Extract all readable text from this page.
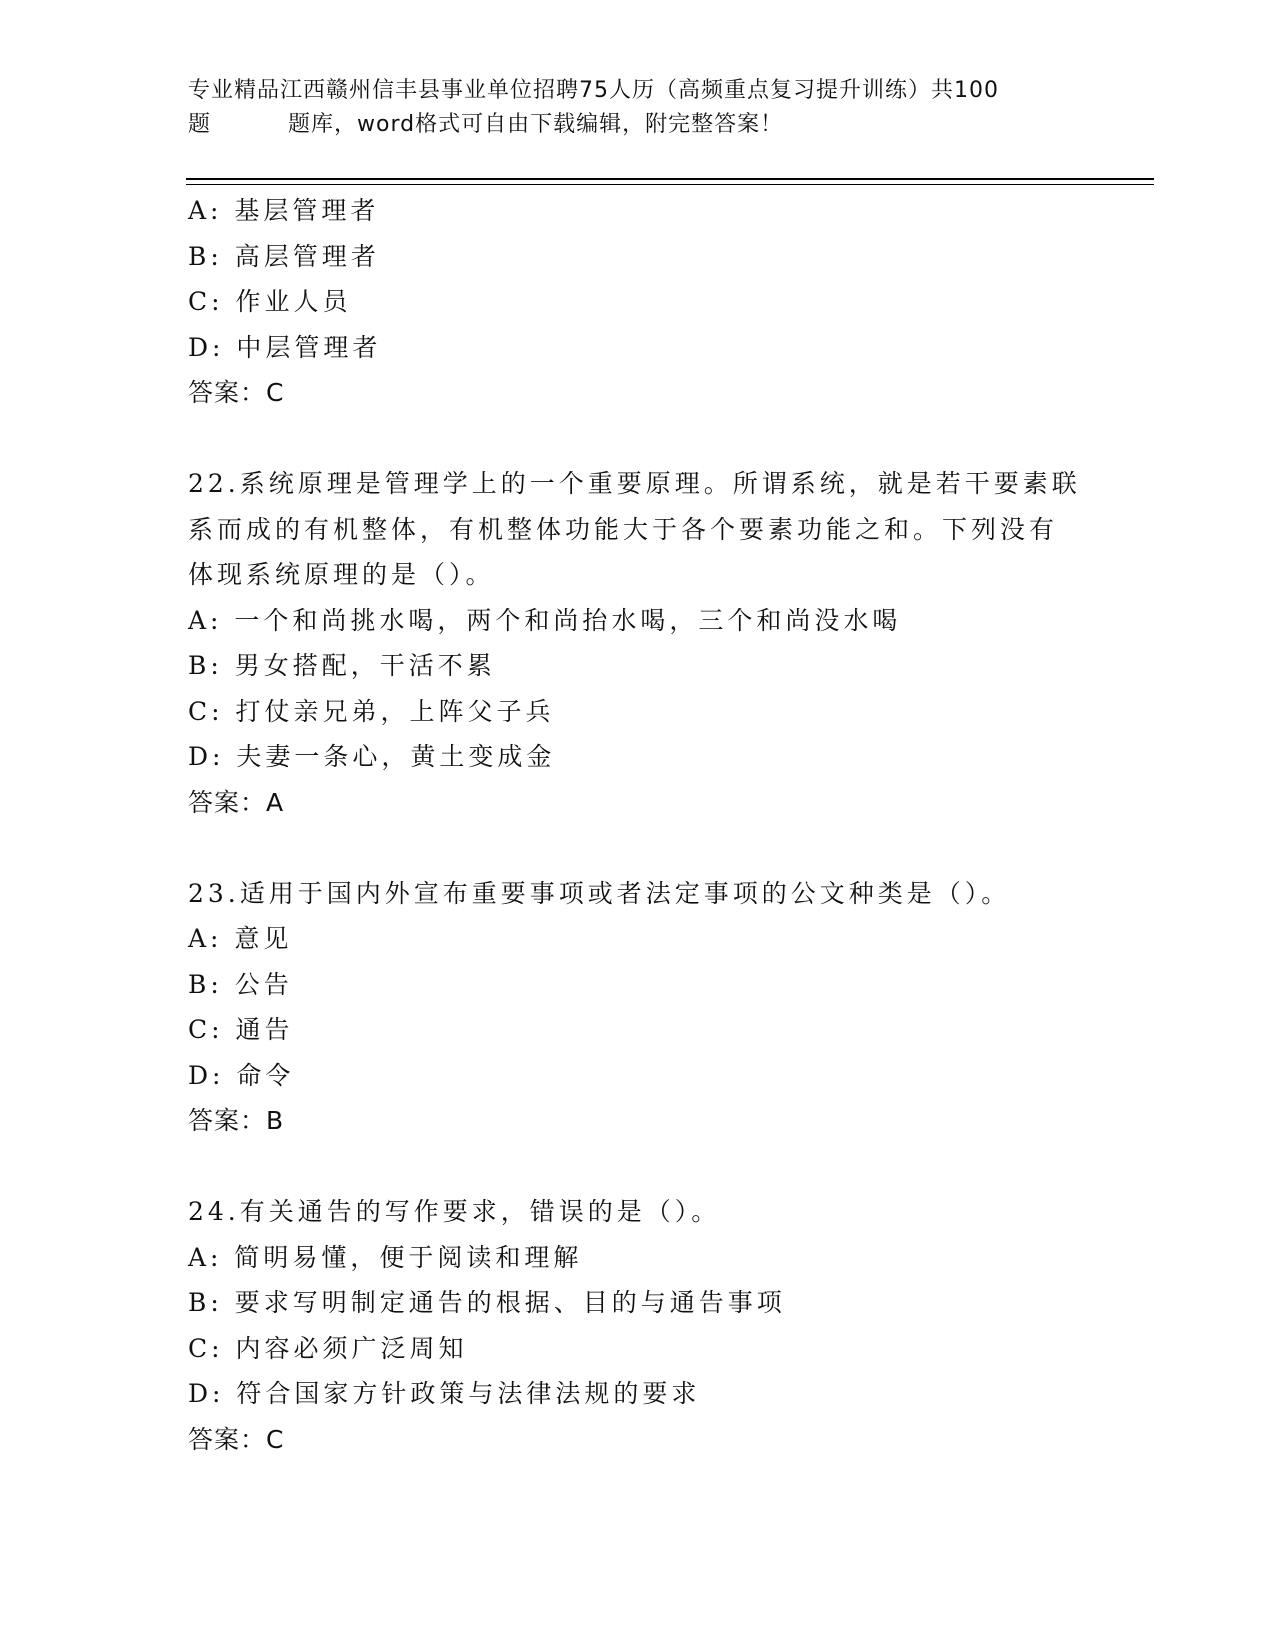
专业精品江西赣州信丰县事业单位招聘75人历（高频重点复习提升训练）共100
题	题库，word格式可自由下载编辑，附完整答案！
A: 基层管理者
B: 高层管理者
C: 作业人员
D: 中层管理者
答案：C
22.系统原理是管理学上的一个重要原理。所谓系统，就是若干要素联
系而成的有机整体，有机整体功能大于各个要素功能之和。下列没有
体现系统原理的是（）。
A: 一个和尚挑水喝，两个和尚抬水喝，三个和尚没水喝
B: 男女搭配，干活不累
C: 打仗亲兄弟，上阵父子兵
D: 夫妻一条心，黄土变成金
答案：A
23.适用于国内外宣布重要事项或者法定事项的公文种类是（）。
A: 意见
B: 公告
C: 通告
D: 命令
答案：B
24.有关通告的写作要求，错误的是（）。
A: 简明易懂，便于阅读和理解
B: 要求写明制定通告的根据、目的与通告事项
C: 内容必须广泛周知
D: 符合国家方针政策与法律法规的要求
答案：C
